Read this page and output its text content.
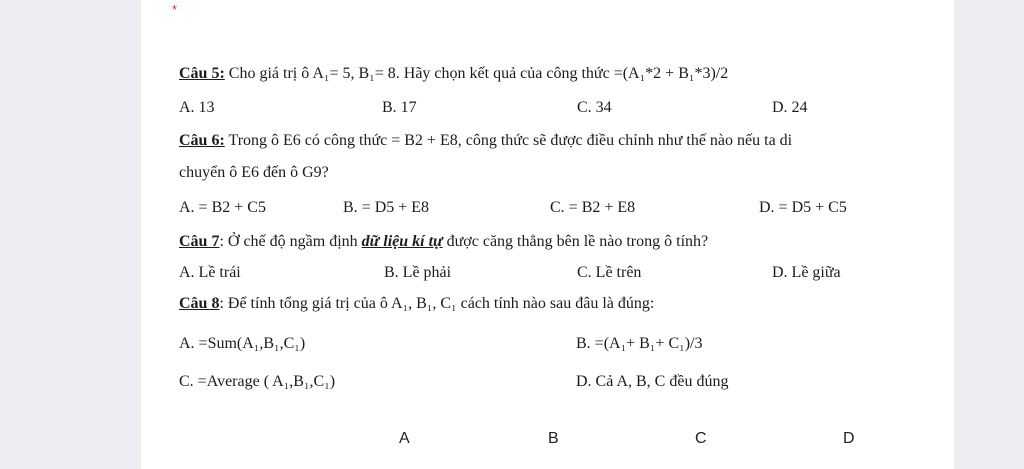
*
Câu 5: Cho giá trị ô A₁= 5, B₁= 8. Hãy chọn kết quả của công thức =(A₁*2 + B₁*3)/2
A. 13	B. 17	C. 34	D. 24
Câu 6: Trong ô E6 có công thức = B2 + E8, công thức sẽ được điều chỉnh như thế nào nếu ta di
chuyển ô E6 đến ô G9?
A. = B2 + C5	B. = D5 + E8	C. = B2 + E8	D. = D5 + C5
Câu 7: Ở chế độ ngầm định dữ liệu kí tự được căng thẳng bên lề nào trong ô tính?
A. Lề trái	B. Lề phải	C. Lề trên	D. Lề giữa
Câu 8: Để tính tổng giá trị của ô A₁, B₁, C₁ cách tính nào sau đâu là đúng:
A. =Sum(A₁,B₁,C₁)	B. =(A₁+ B₁+ C₁)/3
C. =Average ( A₁,B₁,C₁)	D. Cả A, B, C đều đúng
A	B	C	D
